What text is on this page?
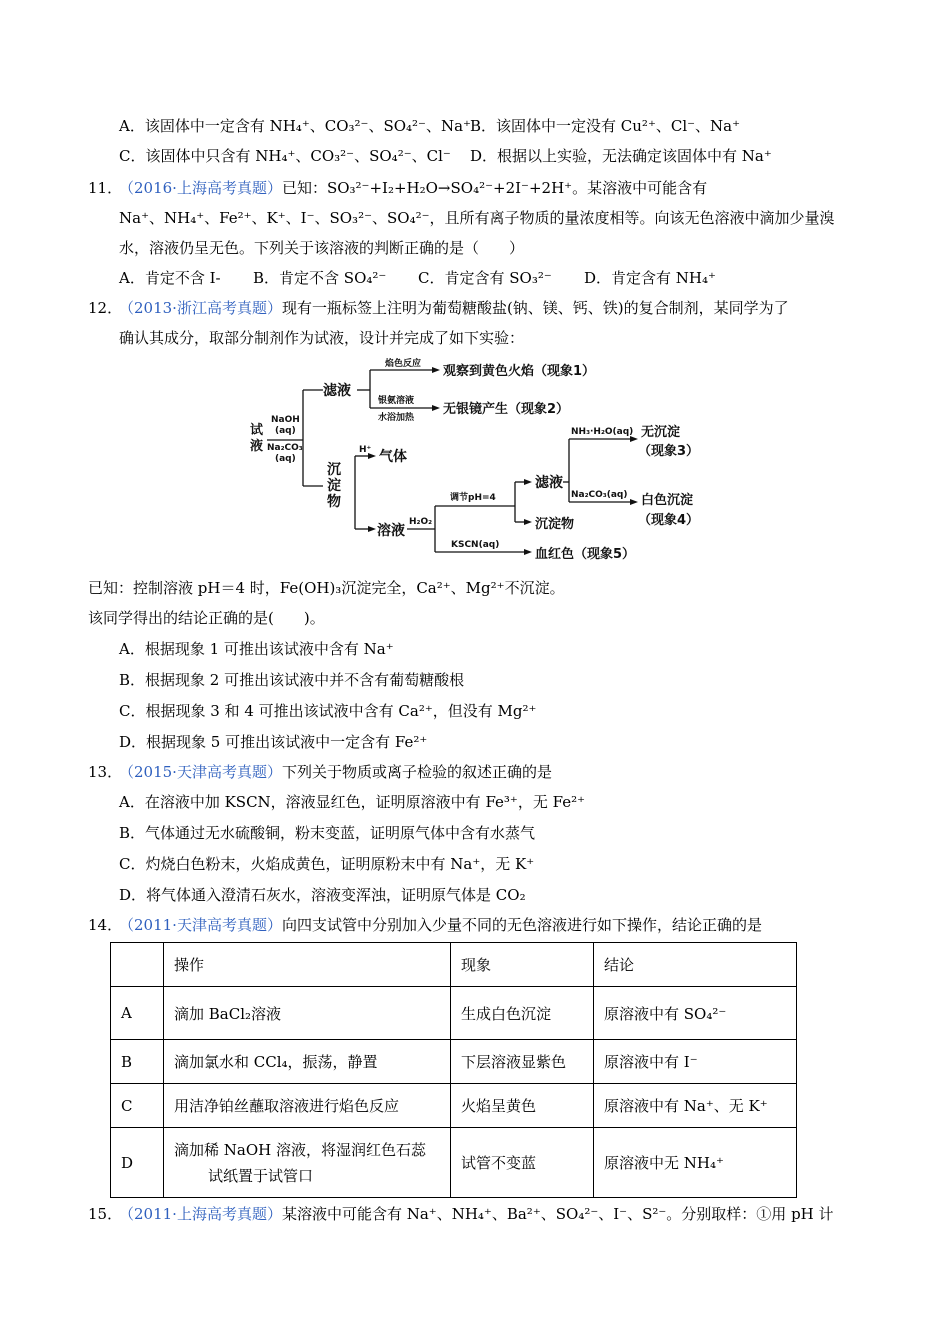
A．该固体中一定含有 NH₄⁺、CO₃²⁻、SO₄²⁻、Na⁺ B．该固体中一定没有 Cu²⁺、Cl⁻、Na⁺
C．该固体中只含有 NH₄⁺、CO₃²⁻、SO₄²⁻、Cl⁻ D．根据以上实验，无法确定该固体中有 Na⁺
11．
（2016·上海高考真题）已知：SO₃²⁻+I₂+H₂O→SO₄²⁻+2I⁻+2H⁺。某溶液中可能含有
Na⁺、NH₄⁺、Fe²⁺、K⁺、I⁻、SO₃²⁻、SO₄²⁻，且所有离子物质的量浓度相等。向该无色溶液中滴加少量溴
水，溶液仍呈无色。下列关于该溶液的判断正确的是（　　）
A．肯定不含 I- B．肯定不含 SO₄²⁻ C．肯定含有 SO₃²⁻ D．肯定含有 NH₄⁺
12．
（2013·浙江高考真题）现有一瓶标签上注明为葡萄糖酸盐(钠、镁、钙、铁)的复合制剂，某同学为了
确认其成分，取部分制剂作为试液，设计并完成了如下实验：
试
液
NaOH
(aq)
Na₂CO₃
(aq)
滤液
焰色反应 观察到黄色火焰（现象1）
银氨溶液
水浴加热
无银镜产生（现象2）
沉
淀
物
H⁺ 气体
溶液
H₂O₂
调节pH=4
滤液
沉淀物
KSCN(aq)
血红色（现象5）
NH₃·H₂O(aq) 无沉淀
（现象3）
Na₂CO₃(aq) 白色沉淀
（现象4）
已知：控制溶液 pH＝4 时，Fe(OH)₃沉淀完全，Ca²⁺、Mg²⁺不沉淀。
该同学得出的结论正确的是(　　)。
A．根据现象 1 可推出该试液中含有 Na⁺
B．根据现象 2 可推出该试液中并不含有葡萄糖酸根
C．根据现象 3 和 4 可推出该试液中含有 Ca²⁺，但没有 Mg²⁺
D．根据现象 5 可推出该试液中一定含有 Fe²⁺
13．
（2015·天津高考真题）下列关于物质或离子检验的叙述正确的是
A．在溶液中加 KSCN，溶液显红色，证明原溶液中有 Fe³⁺，无 Fe²⁺
B．气体通过无水硫酸铜，粉末变蓝，证明原气体中含有水蒸气
C．灼烧白色粉末，火焰成黄色，证明原粉末中有 Na⁺，无 K⁺
D．将气体通入澄清石灰水，溶液变浑浊，证明原气体是 CO₂
14．
（2011·天津高考真题）向四支试管中分别加入少量不同的无色溶液进行如下操作，结论正确的是
	操作	现象	结论
A	滴加 BaCl₂溶液	生成白色沉淀	原溶液中有 SO₄²⁻
B	滴加氯水和 CCl₄，振荡，静置	下层溶液显紫色	原溶液中有 I⁻
C	用洁净铂丝蘸取溶液进行焰色反应	火焰呈黄色	原溶液中有 Na⁺、无 K⁺
D	滴加稀 NaOH 溶液，将湿润红色石蕊
试纸置于试管口	试管不变蓝	原溶液中无 NH₄⁺
15．
（2011·上海高考真题）某溶液中可能含有 Na⁺、NH₄⁺、Ba²⁺、SO₄²⁻、I⁻、S²⁻。分别取样：①用 pH 计
